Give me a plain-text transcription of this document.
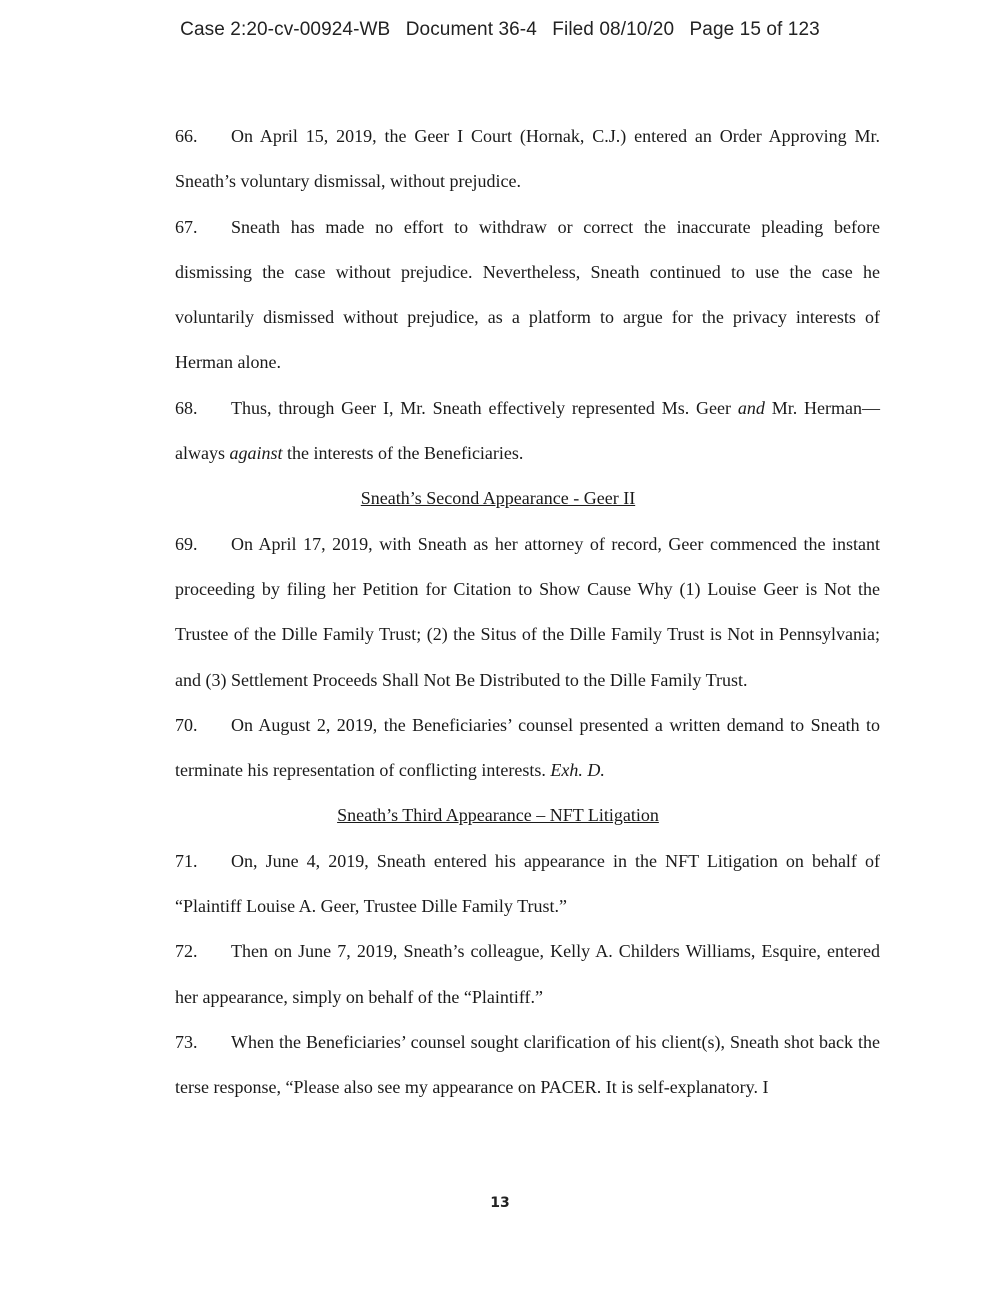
Case 2:20-cv-00924-WB Document 36-4 Filed 08/10/20 Page 15 of 123

66. On April 15, 2019, the Geer I Court (Hornak, C.J.) entered an Order Approving Mr. Sneath’s voluntary dismissal, without prejudice.

67. Sneath has made no effort to withdraw or correct the inaccurate pleading before dismissing the case without prejudice. Nevertheless, Sneath continued to use the case he voluntarily dismissed without prejudice, as a platform to argue for the privacy interests of Herman alone.

68. Thus, through Geer I, Mr. Sneath effectively represented Ms. Geer and Mr. Herman—always against the interests of the Beneficiaries.

Sneath’s Second Appearance - Geer II

69. On April 17, 2019, with Sneath as her attorney of record, Geer commenced the instant proceeding by filing her Petition for Citation to Show Cause Why (1) Louise Geer is Not the Trustee of the Dille Family Trust; (2) the Situs of the Dille Family Trust is Not in Pennsylvania; and (3) Settlement Proceeds Shall Not Be Distributed to the Dille Family Trust.

70. On August 2, 2019, the Beneficiaries’ counsel presented a written demand to Sneath to terminate his representation of conflicting interests. Exh. D.

Sneath’s Third Appearance – NFT Litigation

71. On, June 4, 2019, Sneath entered his appearance in the NFT Litigation on behalf of “Plaintiff Louise A. Geer, Trustee Dille Family Trust.”

72. Then on June 7, 2019, Sneath’s colleague, Kelly A. Childers Williams, Esquire, entered her appearance, simply on behalf of the “Plaintiff.”

73. When the Beneficiaries’ counsel sought clarification of his client(s), Sneath shot back the terse response, “Please also see my appearance on PACER. It is self-explanatory. I

13
